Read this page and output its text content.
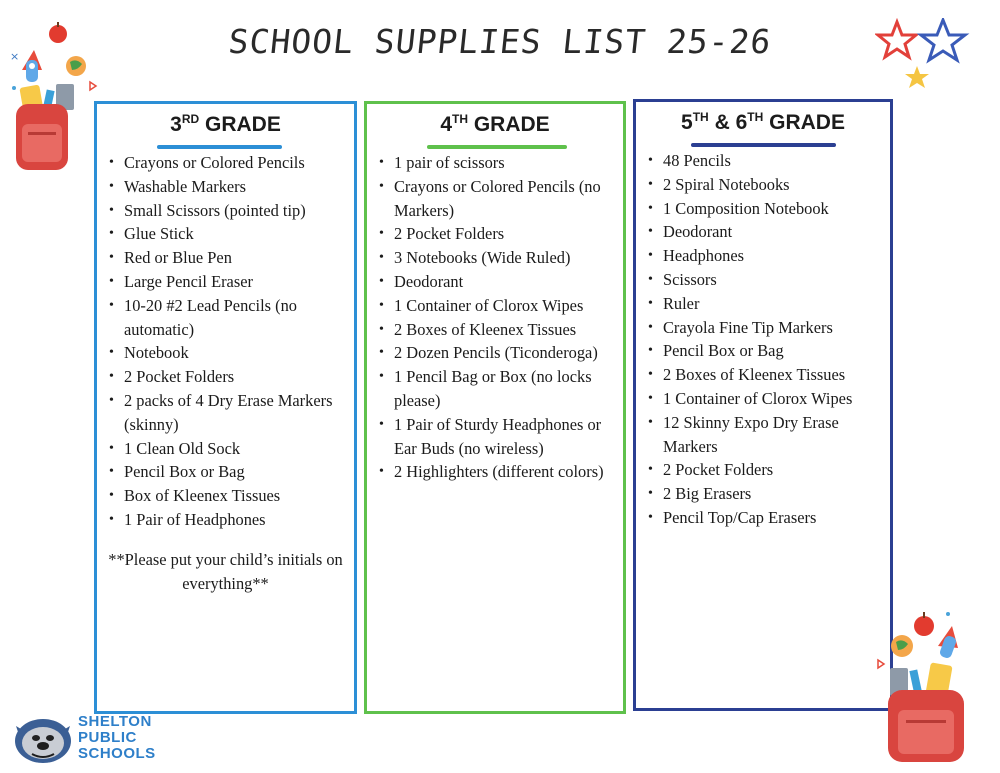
SCHOOL SUPPLIES LIST 25-26
×
3RD GRADE
• Crayons or Colored Pencils
• Washable Markers
• Small Scissors (pointed tip)
• Glue Stick
• Red or Blue Pen
• Large Pencil Eraser
• 10-20 #2 Lead Pencils (no automatic)
• Notebook
• 2 Pocket Folders
• 2 packs of 4 Dry Erase Markers (skinny)
• 1 Clean Old Sock
• Pencil Box or Bag
• Box of Kleenex Tissues
• 1 Pair of Headphones
**Please put your child’s initials on everything**
4TH GRADE
• 1 pair of scissors
• Crayons or Colored Pencils (no Markers)
• 2 Pocket Folders
• 3 Notebooks (Wide Ruled)
• Deodorant
• 1 Container of Clorox Wipes
• 2 Boxes of Kleenex Tissues
• 2 Dozen Pencils (Ticonderoga)
• 1 Pencil Bag or Box (no locks please)
• 1 Pair of Sturdy Headphones or Ear Buds (no wireless)
• 2 Highlighters (different colors)
5TH & 6TH GRADE
• 48 Pencils
• 2 Spiral Notebooks
• 1 Composition Notebook
• Deodorant
• Headphones
• Scissors
• Ruler
• Crayola Fine Tip Markers
• Pencil Box or Bag
• 2 Boxes of Kleenex Tissues
• 1 Container of Clorox Wipes
• 12 Skinny Expo Dry Erase Markers
• 2 Pocket Folders
• 2 Big Erasers
• Pencil Top/Cap Erasers
SHELTON
PUBLIC
SCHOOLS
